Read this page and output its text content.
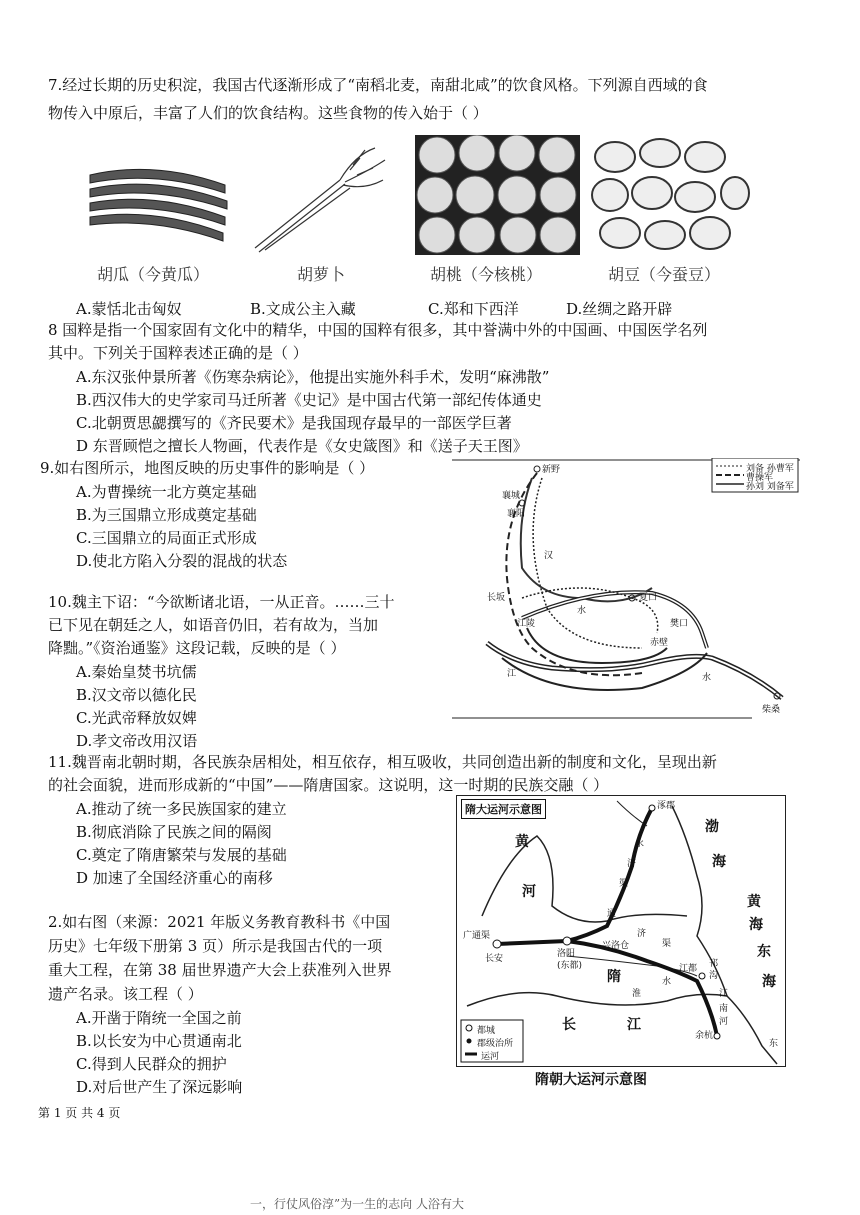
7.经过长期的历史积淀，我国古代逐渐形成了“南稻北麦，南甜北咸”的饮食风格。下列源自西域的食
物传入中原后，丰富了人们的饮食结构。这些食物的传入始于（ ）
胡瓜（今黄瓜）	胡萝卜	胡桃（今核桃）	胡豆（今蚕豆）
A.蒙恬北击匈奴	B.文成公主入藏	C.郑和下西洋	D.丝绸之路开辟
8 国粹是指一个国家固有文化中的精华，中国的国粹有很多，其中誉满中外的中国画、中国医学名列
其中。下列关于国粹表述正确的是（ ）
A.东汉张仲景所著《伤寒杂病论》，他提出实施外科手术，发明“麻沸散”
B.西汉伟大的史学家司马迁所著《史记》是中国古代第一部纪传体通史
C.北朝贾思勰撰写的《齐民要术》是我国现存最早的一部医学巨著
D 东晋顾恺之擅长人物画，代表作是《女史箴图》和《送子天王图》
9.如右图所示，地图反映的历史事件的影响是（ ）
A.为曹操统一北方奠定基础
B.为三国鼎立形成奠定基础
C.三国鼎立的局面正式形成
D.使北方陷入分裂的混战的状态
刘备 孙曹军
曹操军
孙刘 刘备军
新野
襄城
襄阳
汉
长坂
江陵
水
夏口
樊口
赤壁
江	水
柴桑
10.魏主下诏：“今欲断诸北语，一从正音。……三十
已下见在朝廷之人，如语音仍旧，若有故为，当加
降黜。”《资治通鉴》这段记载，反映的是（ ）
A.秦始皇焚书坑儒
B.汉文帝以德化民
C.光武帝释放奴婢
D.孝文帝改用汉语
11.魏晋南北朝时期，各民族杂居相处，相互依存，相互吸收，共同创造出新的制度和文化，呈现出新
的社会面貌，进而形成新的“中国”——隋唐国家。这说明，这一时期的民族交融（ ）
A.推动了统一多民族国家的建立
B.彻底消除了民族之间的隔阂
C.奠定了隋唐繁荣与发展的基础
D 加速了全国经济重心的南移
2.如右图（来源：2021 年版义务教育教科书《中国
历史》七年级下册第 3 页）所示是我国古代的一项
重大工程，在第 38 届世界遗产大会上获准列入世界
遗产名录。该工程（ ）
A.开凿于隋统一全国之前
B.以长安为中心贯通南北
C.得到人民群众的拥护
D.对后世产生了深远影响
隋大运河示意图	涿郡
永
济
渠
黄
河
渤
海
广通渠
洛阳
(东都)
兴洛仓
通
济
渠
长安
隋
淮
水
江都 邗
沟
江
南
河
余杭
长	江
东
海
黄
海
东
都城
郡级治所
运河
隋朝大运河示意图
第 1 页 共 4 页
一，行仗风俗淳”为一生的志向 人浴有大
